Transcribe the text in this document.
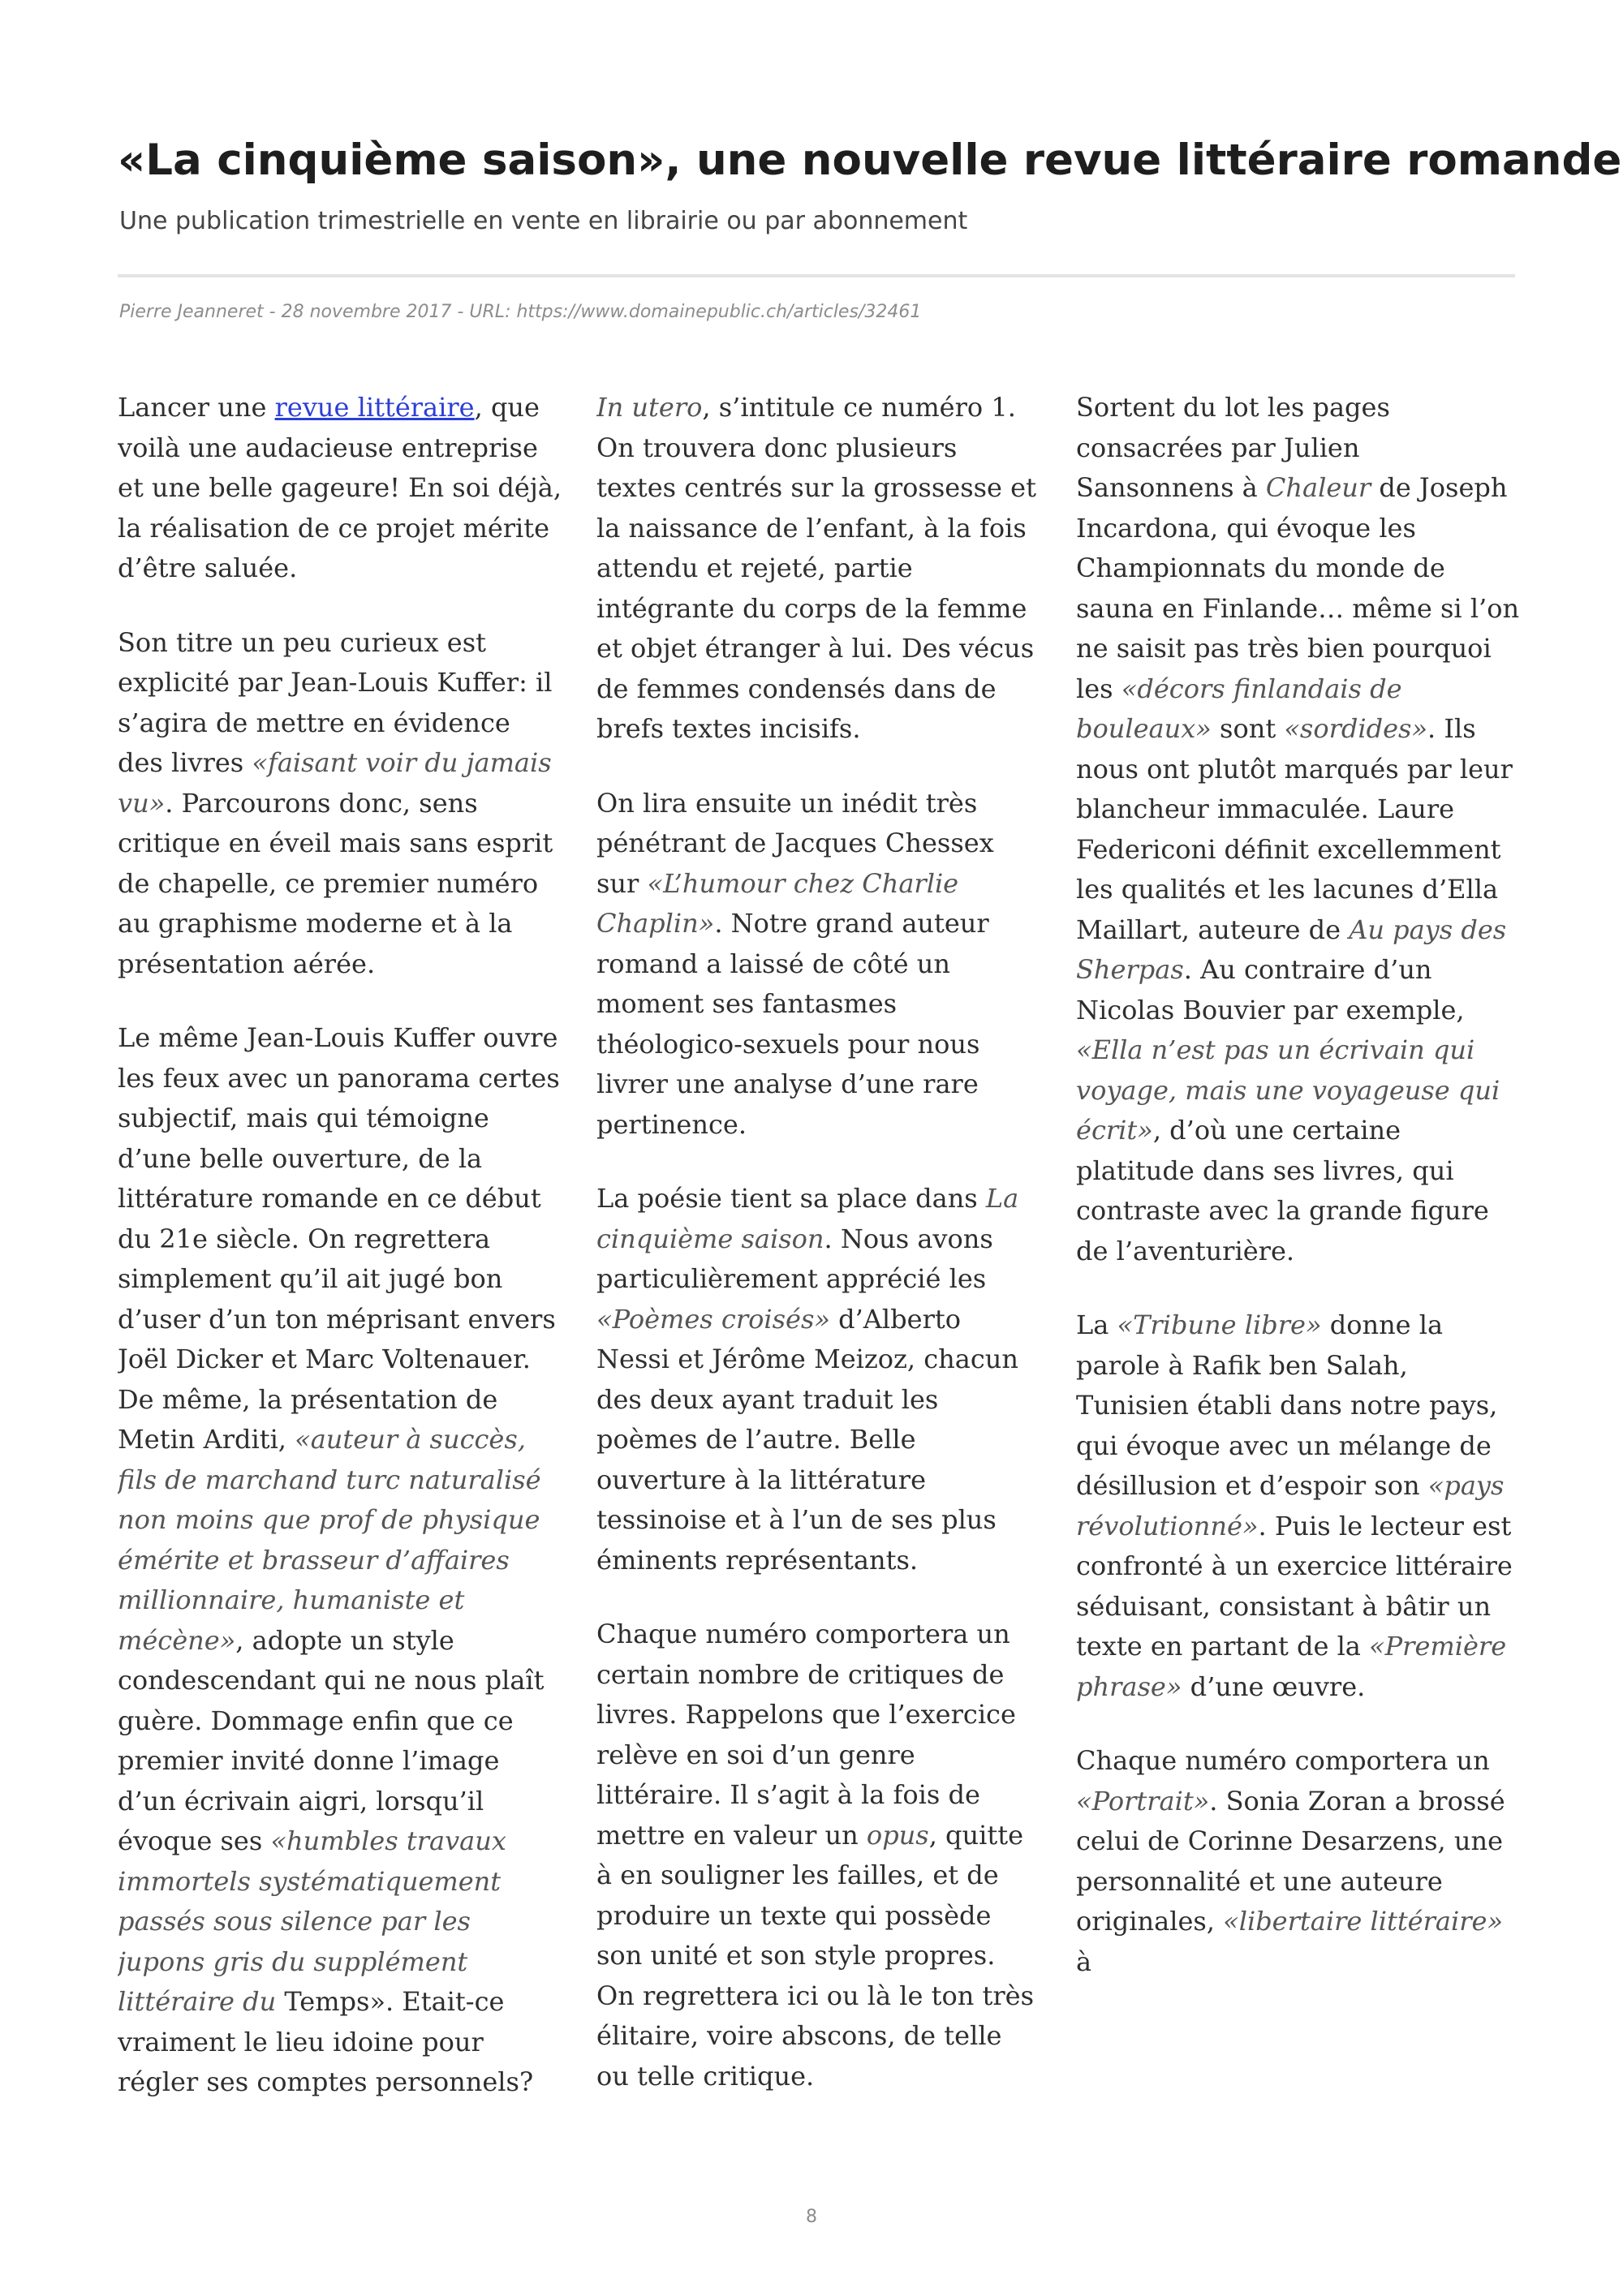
«La cinquième saison», une nouvelle revue littéraire romande

Une publication trimestrielle en vente en librairie ou par abonnement

Pierre Jeanneret - 28 novembre 2017 - URL: https://www.domainepublic.ch/articles/32461

Lancer une revue littéraire, que voilà une audacieuse entreprise et une belle gageure! En soi déjà, la réalisation de ce projet mérite d’être saluée.

Son titre un peu curieux est explicité par Jean-Louis Kuffer: il s’agira de mettre en évidence des livres «faisant voir du jamais vu». Parcourons donc, sens critique en éveil mais sans esprit de chapelle, ce premier numéro au graphisme moderne et à la présentation aérée.

Le même Jean-Louis Kuffer ouvre les feux avec un panorama certes subjectif, mais qui témoigne d’une belle ouverture, de la littérature romande en ce début du 21e siècle. On regrettera simplement qu’il ait jugé bon d’user d’un ton méprisant envers Joël Dicker et Marc Voltenauer. De même, la présentation de Metin Arditi, «auteur à succès, fils de marchand turc naturalisé non moins que prof de physique émérite et brasseur d’affaires millionnaire, humaniste et mécène», adopte un style condescendant qui ne nous plaît guère. Dommage enfin que ce premier invité donne l’image d’un écrivain aigri, lorsqu’il évoque ses «humbles travaux immortels systématiquement passés sous silence par les jupons gris du supplément littéraire du Temps». Etait-ce vraiment le lieu idoine pour régler ses comptes personnels?

In utero, s’intitule ce numéro 1. On trouvera donc plusieurs textes centrés sur la grossesse et la naissance de l’enfant, à la fois attendu et rejeté, partie intégrante du corps de la femme et objet étranger à lui. Des vécus de femmes condensés dans de brefs textes incisifs.

On lira ensuite un inédit très pénétrant de Jacques Chessex sur «L’humour chez Charlie Chaplin». Notre grand auteur romand a laissé de côté un moment ses fantasmes théologico-sexuels pour nous livrer une analyse d’une rare pertinence.

La poésie tient sa place dans La cinquième saison. Nous avons particulièrement apprécié les «Poèmes croisés» d’Alberto Nessi et Jérôme Meizoz, chacun des deux ayant traduit les poèmes de l’autre. Belle ouverture à la littérature tessinoise et à l’un de ses plus éminents représentants.

Chaque numéro comportera un certain nombre de critiques de livres. Rappelons que l’exercice relève en soi d’un genre littéraire. Il s’agit à la fois de mettre en valeur un opus, quitte à en souligner les failles, et de produire un texte qui possède son unité et son style propres. On regrettera ici ou là le ton très élitaire, voire abscons, de telle ou telle critique.

Sortent du lot les pages consacrées par Julien Sansonnens à Chaleur de Joseph Incardona, qui évoque les Championnats du monde de sauna en Finlande… même si l’on ne saisit pas très bien pourquoi les «décors finlandais de bouleaux» sont «sordides». Ils nous ont plutôt marqués par leur blancheur immaculée. Laure Federiconi définit excellemment les qualités et les lacunes d’Ella Maillart, auteure de Au pays des Sherpas. Au contraire d’un Nicolas Bouvier par exemple, «Ella n’est pas un écrivain qui voyage, mais une voyageuse qui écrit», d’où une certaine platitude dans ses livres, qui contraste avec la grande figure de l’aventurière.

La «Tribune libre» donne la parole à Rafik ben Salah, Tunisien établi dans notre pays, qui évoque avec un mélange de désillusion et d’espoir son «pays révolutionné». Puis le lecteur est confronté à un exercice littéraire séduisant, consistant à bâtir un texte en partant de la «Première phrase» d’une œuvre.

Chaque numéro comportera un «Portrait». Sonia Zoran a brossé celui de Corinne Desarzens, une personnalité et une auteure originales, «libertaire littéraire» à

8
